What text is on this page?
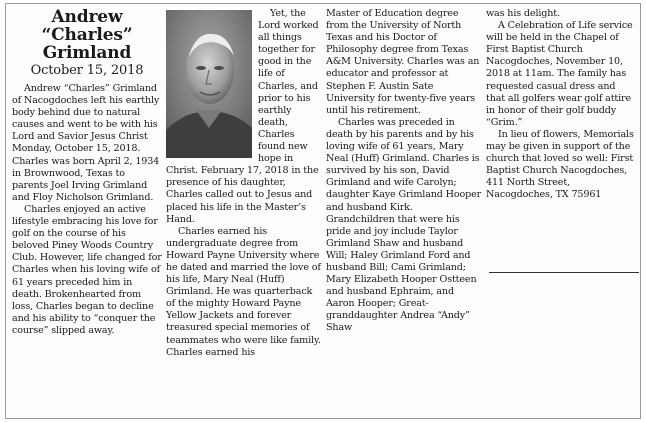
Andrew
“Charles”
Grimland
October 15, 2018

Andrew “Charles” Grimland of Nacogdoches left his earthly body behind due to natural causes and went to be with his Lord and Savior Jesus Christ Monday, October 15, 2018. Charles was born April 2, 1934 in Brownwood, Texas to parents Joel Irving Grimland and Floy Nicholson Grimland.

Charles enjoyed an active lifestyle embracing his love for golf on the course of his beloved Piney Woods Country Club. However, life changed for Charles when his loving wife of 61 years preceded him in death. Brokenhearted from loss, Charles began to decline and his ability to “conquer the course” slipped away.

Yet, the Lord worked all things together for good in the life of Charles, and prior to his earthly death, Charles found new hope in Christ. February 17, 2018 in the presence of his daughter, Charles called out to Jesus and placed his life in the Master’s Hand.

Charles earned his undergraduate degree from Howard Payne University where he dated and married the love of his life, Mary Neal (Huff) Grimland. He was quarterback of the mighty Howard Payne Yellow Jackets and forever treasured special memories of teammates who were like family. Charles earned his

Master of Education degree from the University of North Texas and his Doctor of Philosophy degree from Texas A&M University. Charles was an educator and professor at Stephen F. Austin Sate University for twenty-five years until his retirement.

Charles was preceded in death by his parents and by his loving wife of 61 years, Mary Neal (Huff) Grimland. Charles is survived by his son, David Grimland and wife Carolyn; daughter Kaye Grimland Hooper and husband Kirk. Grandchildren that were his pride and joy include Taylor Grimland Shaw and husband Will; Haley Grimland Ford and husband Bill; Cami Grimland; Mary Elizabeth Hooper Ostteen and husband Ephraim, and Aaron Hooper; Great-granddaughter Andrea “Andy” Shaw

was his delight.

A Celebration of Life service will be held in the Chapel of First Baptist Church Nacogdoches, November 10, 2018 at 11am. The family has requested casual dress and that all golfers wear golf attire in honor of their golf buddy “Grim.”

In lieu of flowers, Memorials may be given in support of the church that loved so well: First Baptist Church Nacogdoches, 411 North Street, Nacogdoches, TX 75961
